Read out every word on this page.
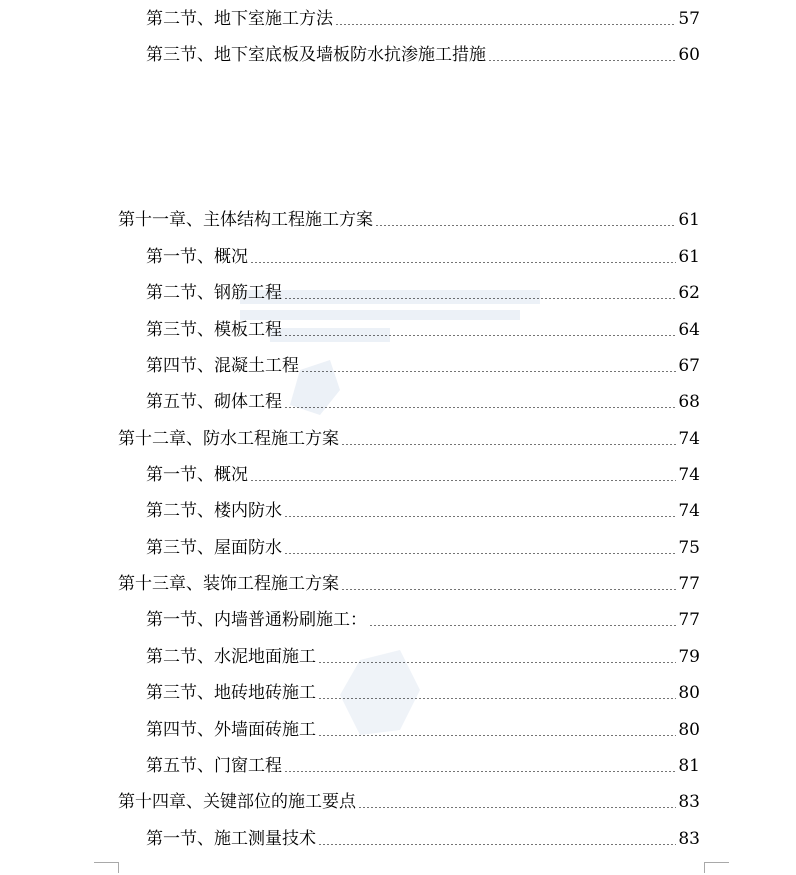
第二节、地下室施工方法	57
第三节、地下室底板及墙板防水抗渗施工措施	60
第十一章、主体结构工程施工方案	61
第一节、概况	61
第二节、钢筋工程	62
第三节、模板工程	64
第四节、混凝土工程	67
第五节、砌体工程	68
第十二章、防水工程施工方案	74
第一节、概况	74
第二节、楼内防水	74
第三节、屋面防水	75
第十三章、装饰工程施工方案	77
第一节、内墙普通粉刷施工：	77
第二节、水泥地面施工	79
第三节、地砖地砖施工	80
第四节、外墙面砖施工	80
第五节、门窗工程	81
第十四章、关键部位的施工要点	83
第一节、施工测量技术	83
